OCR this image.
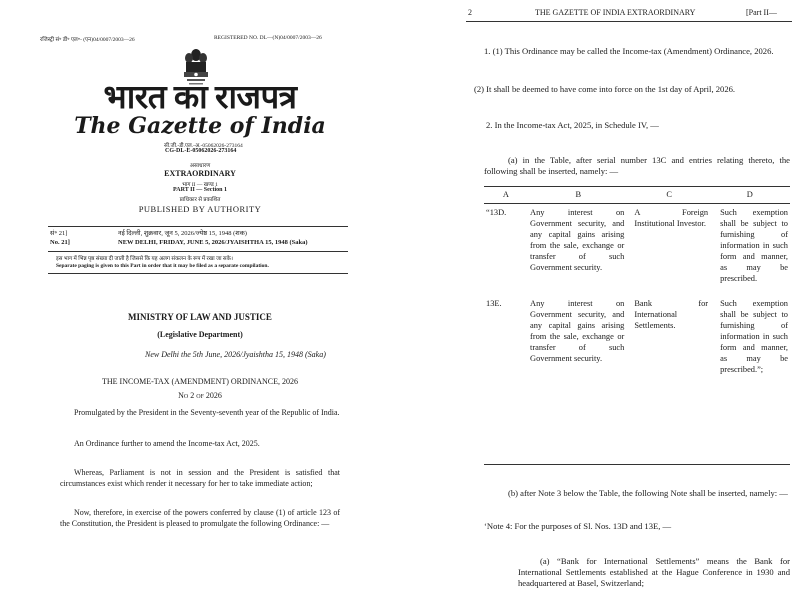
रजिस्ट्री सं॰ डी॰ एल॰- (एन)04/0007/2003—26	REGISTERED NO. DL—(N)04/0007/2003—26
भारत का राजपत्र
The Gazette of India
सी.जी.-डी.एल.-अ.-05062026-273164
CG-DL-E-05062026-273164
असाधारण
EXTRAORDINARY
भाग II — खण्ड 1
PART II — Section 1
प्राधिकार से प्रकाशित
PUBLISHED BY AUTHORITY
सं॰ 21]	नई दिल्ली, शुक्रवार, जून 5, 2026/ज्येष्ठ 15, 1948 (शक)
No. 21]	NEW DELHI, FRIDAY, JUNE 5, 2026/JYAISHTHA 15, 1948 (Saka)
इस भाग में भिन्न पृष्ठ संख्या दी जाती है जिससे कि यह अलग संकलन के रूप में रखा जा सके।
Separate paging is given to this Part in order that it may be filed as a separate compilation.
MINISTRY OF LAW AND JUSTICE
(Legislative Department)
New Delhi the 5th June, 2026/Jyaishtha 15, 1948 (Saka)
THE INCOME-TAX (AMENDMENT) ORDINANCE, 2026
No 2 of 2026
Promulgated by the President in the Seventy-seventh year of the Republic of India.
An Ordinance further to amend the Income-tax Act, 2025.
Whereas, Parliament is not in session and the President is satisfied that circumstances exist which render it necessary for her to take immediate action;
Now, therefore, in exercise of the powers conferred by clause (1) of article 123 of the Constitution, the President is pleased to promulgate the following Ordinance: —
2	THE GAZETTE OF INDIA EXTRAORDINARY	[Part II—
1. (1) This Ordinance may be called the Income-tax (Amendment) Ordinance, 2026.
(2) It shall be deemed to have come into force on the 1st day of April, 2026.
2. In the Income-tax Act, 2025, in Schedule IV, —
(a) in the Table, after serial number 13C and entries relating thereto, the following shall be inserted, namely: —
A	B	C	D
“13D.	Any interest on Government security, and any capital gains arising from the sale, exchange or transfer of such Government security.	A Foreign Institutional Investor.	Such exemption shall be subject to furnishing of information in such form and manner, as may be prescribed.

13E.	Any interest on Government security, and any capital gains arising from the sale, exchange or transfer of such Government security.	Bank for International Settlements.	Such exemption shall be subject to furnishing of information in such form and manner, as may be prescribed.”;
(b) after Note 3 below the Table, the following Note shall be inserted, namely: —
‘Note 4: For the purposes of Sl. Nos. 13D and 13E, —
(a) “Bank for International Settlements” means the Bank for International Settlements established at the Hague Conference in 1930 and headquartered at Basel, Switzerland;
